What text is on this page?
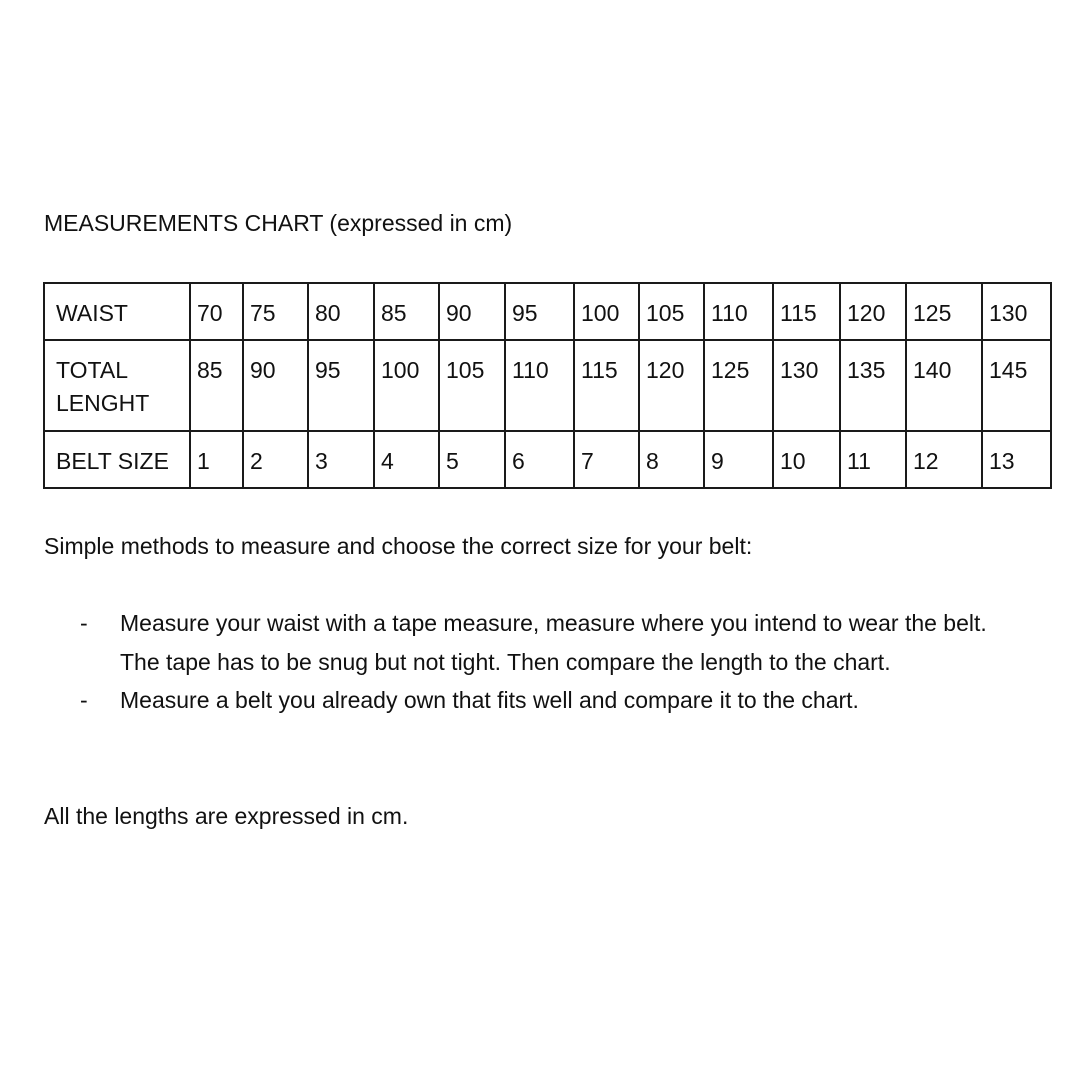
MEASUREMENTS CHART (expressed in cm)
WAIST	70	75	80	85	90	95	100	105	110	115	120	125	130
TOTAL LENGHT	85	90	95	100	105	110	115	120	125	130	135	140	145
BELT SIZE	1	2	3	4	5	6	7	8	9	10	11	12	13
Simple methods to measure and choose the correct size for your belt:
- Measure your waist with a tape measure, measure where you intend to wear the belt. The tape has to be snug but not tight. Then compare the length to the chart.
- Measure a belt you already own that fits well and compare it to the chart.
All the lengths are expressed in cm.
